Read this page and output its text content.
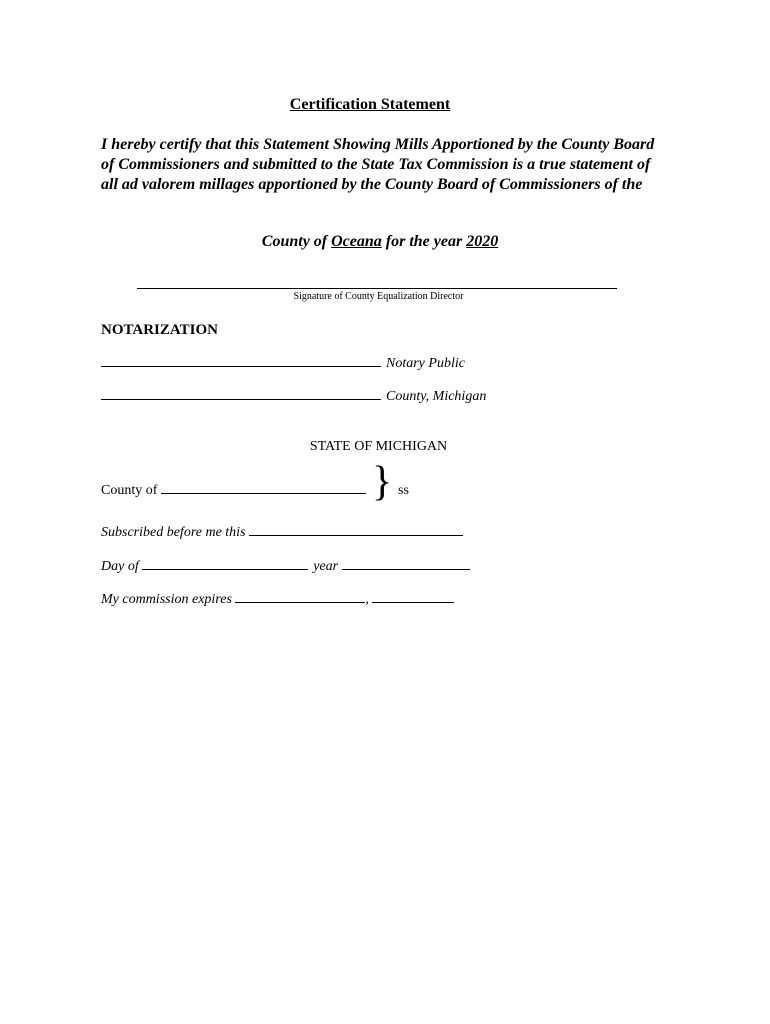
Certification Statement
I hereby certify that this Statement Showing Mills Apportioned by the County Board of Commissioners and submitted to the State Tax Commission is a true statement of all ad valorem millages apportioned by the County Board of Commissioners of the
County of Oceana for the year 2020
Signature of County Equalization Director
NOTARIZATION
Notary Public
County, Michigan
STATE OF MICHIGAN
County of	} ss
Subscribed before me this
Day of	year
My commission expires	,
